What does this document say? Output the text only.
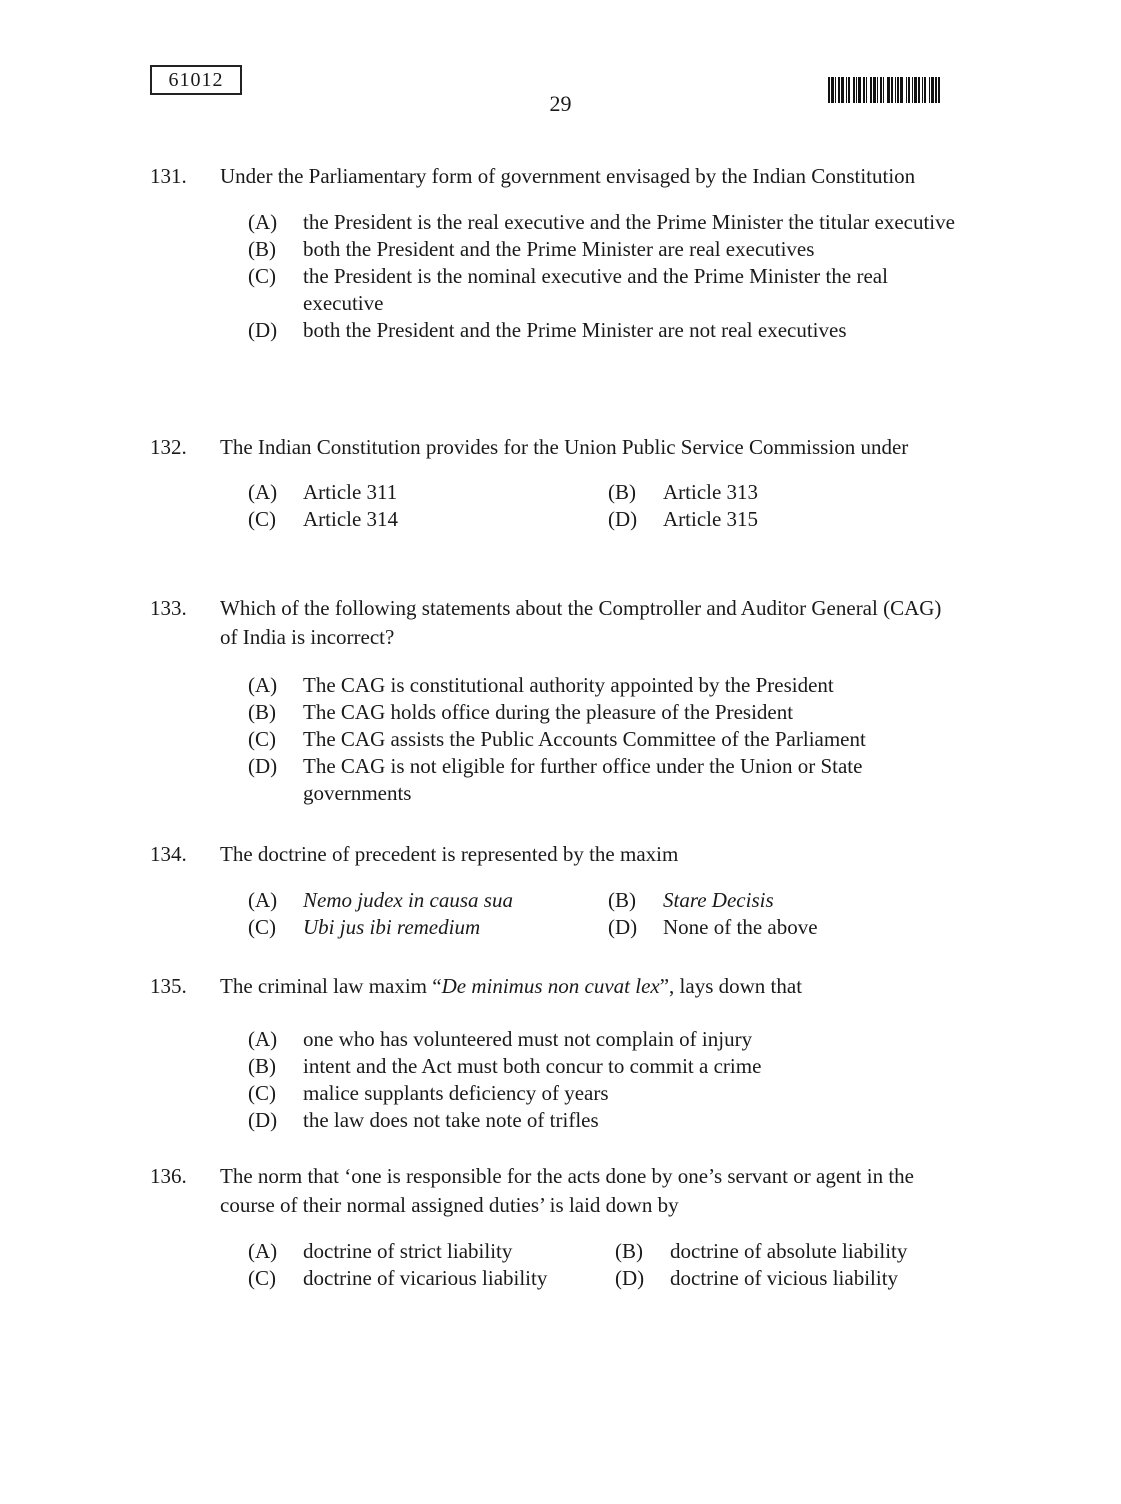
61012
29
131.	Under the Parliamentary form of government envisaged by the Indian Constitution
(A)	the President is the real executive and the Prime Minister the titular executive
(B)	both the President and the Prime Minister are real executives
(C)	the President is the nominal executive and the Prime Minister the real executive
(D)	both the President and the Prime Minister are not real executives
132.	The Indian Constitution provides for the Union Public Service Commission under
(A)	Article 311	(B)	Article 313
(C)	Article 314	(D)	Article 315
133.	Which of the following statements about the Comptroller and Auditor General (CAG) of India is incorrect?
(A)	The CAG is constitutional authority appointed by the President
(B)	The CAG holds office during the pleasure of the President
(C)	The CAG assists the Public Accounts Committee of the Parliament
(D)	The CAG is not eligible for further office under the Union or State governments
134.	The doctrine of precedent is represented by the maxim
(A)	Nemo judex in causa sua	(B)	Stare Decisis
(C)	Ubi jus ibi remedium	(D)	None of the above
135.	The criminal law maxim “De minimus non cuvat lex”, lays down that
(A)	one who has volunteered must not complain of injury
(B)	intent and the Act must both concur to commit a crime
(C)	malice supplants deficiency of years
(D)	the law does not take note of trifles
136.	The norm that ‘one is responsible for the acts done by one’s servant or agent in the course of their normal assigned duties’ is laid down by
(A)	doctrine of strict liability	(B)	doctrine of absolute liability
(C)	doctrine of vicarious liability	(D)	doctrine of vicious liability
